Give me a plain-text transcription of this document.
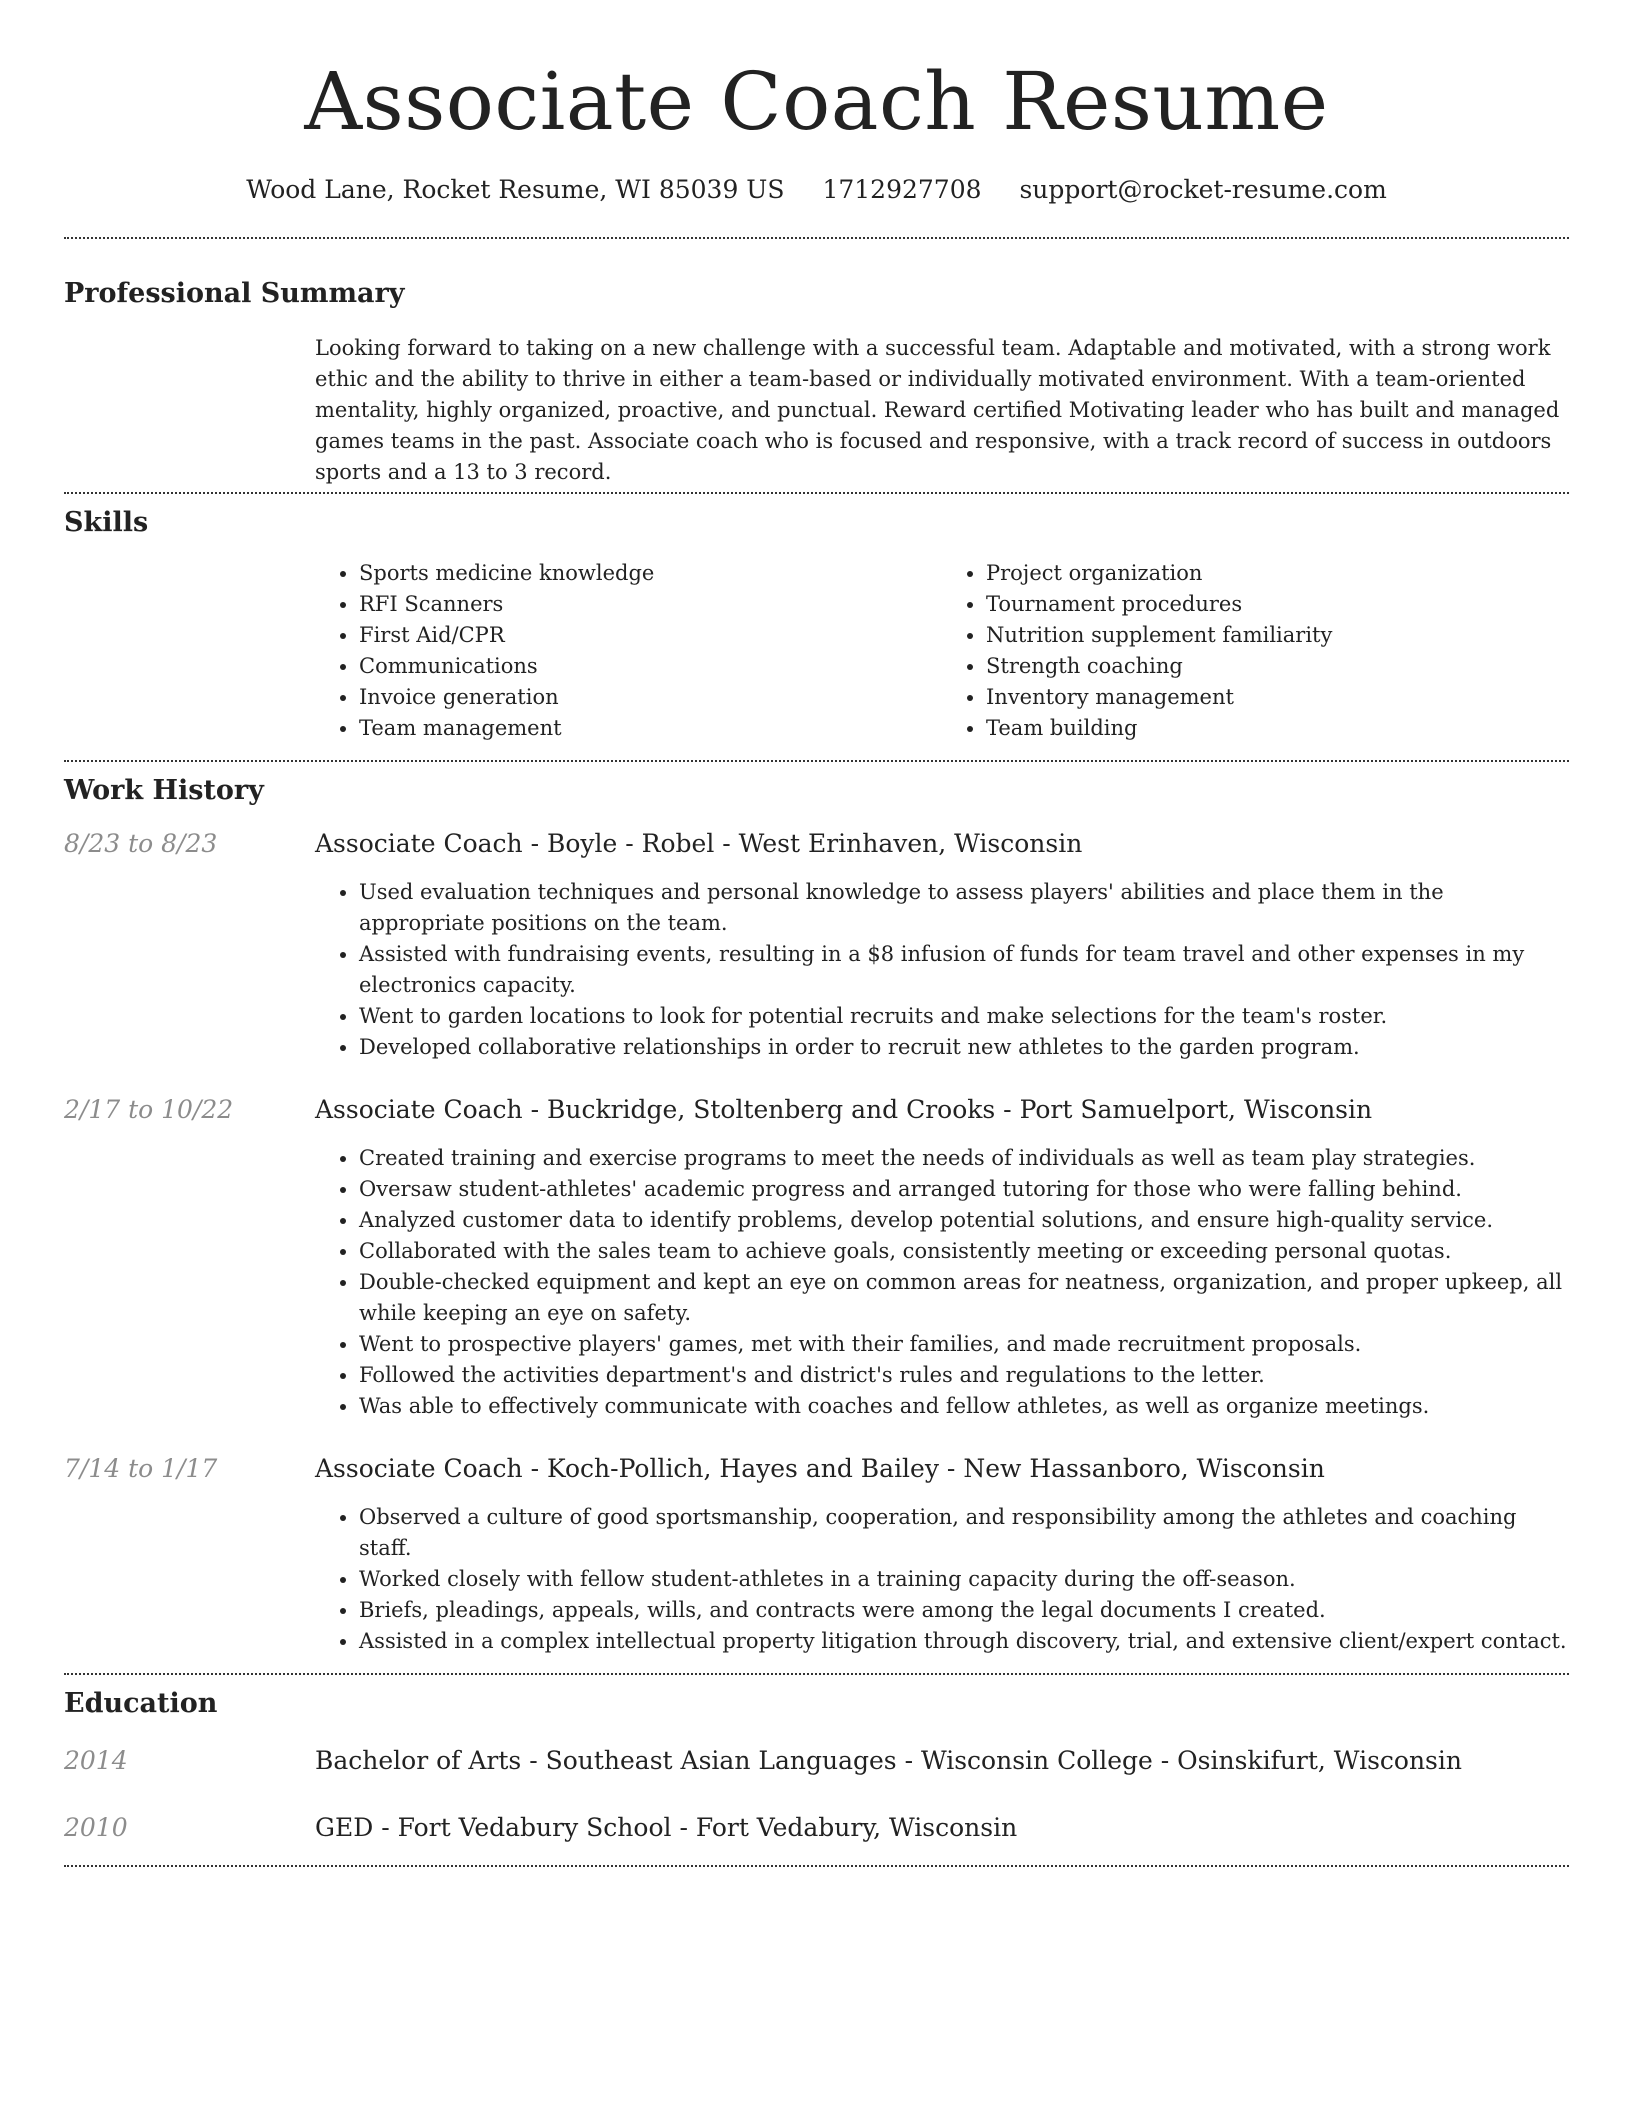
Associate Coach Resume
Wood Lane, Rocket Resume, WI 85039 US 1712927708 support@rocket-resume.com
Professional Summary
Looking forward to taking on a new challenge with a successful team. Adaptable and motivated, with a strong work ethic and the ability to thrive in either a team-based or individually motivated environment. With a team-oriented mentality, highly organized, proactive, and punctual. Reward certified Motivating leader who has built and managed games teams in the past. Associate coach who is focused and responsive, with a track record of success in outdoors sports and a 13 to 3 record.
Skills
• Sports medicine knowledge
• RFI Scanners
• First Aid/CPR
• Communications
• Invoice generation
• Team management
• Project organization
• Tournament procedures
• Nutrition supplement familiarity
• Strength coaching
• Inventory management
• Team building
Work History
8/23 to 8/23	Associate Coach - Boyle - Robel - West Erinhaven, Wisconsin
• Used evaluation techniques and personal knowledge to assess players' abilities and place them in the appropriate positions on the team.
• Assisted with fundraising events, resulting in a $8 infusion of funds for team travel and other expenses in my electronics capacity.
• Went to garden locations to look for potential recruits and make selections for the team's roster.
• Developed collaborative relationships in order to recruit new athletes to the garden program.
2/17 to 10/22	Associate Coach - Buckridge, Stoltenberg and Crooks - Port Samuelport, Wisconsin
• Created training and exercise programs to meet the needs of individuals as well as team play strategies.
• Oversaw student-athletes' academic progress and arranged tutoring for those who were falling behind.
• Analyzed customer data to identify problems, develop potential solutions, and ensure high-quality service.
• Collaborated with the sales team to achieve goals, consistently meeting or exceeding personal quotas.
• Double-checked equipment and kept an eye on common areas for neatness, organization, and proper upkeep, all while keeping an eye on safety.
• Went to prospective players' games, met with their families, and made recruitment proposals.
• Followed the activities department's and district's rules and regulations to the letter.
• Was able to effectively communicate with coaches and fellow athletes, as well as organize meetings.
7/14 to 1/17	Associate Coach - Koch-Pollich, Hayes and Bailey - New Hassanboro, Wisconsin
• Observed a culture of good sportsmanship, cooperation, and responsibility among the athletes and coaching staff.
• Worked closely with fellow student-athletes in a training capacity during the off-season.
• Briefs, pleadings, appeals, wills, and contracts were among the legal documents I created.
• Assisted in a complex intellectual property litigation through discovery, trial, and extensive client/expert contact.
Education
2014	Bachelor of Arts - Southeast Asian Languages - Wisconsin College - Osinskifurt, Wisconsin
2010	GED - Fort Vedabury School - Fort Vedabury, Wisconsin
